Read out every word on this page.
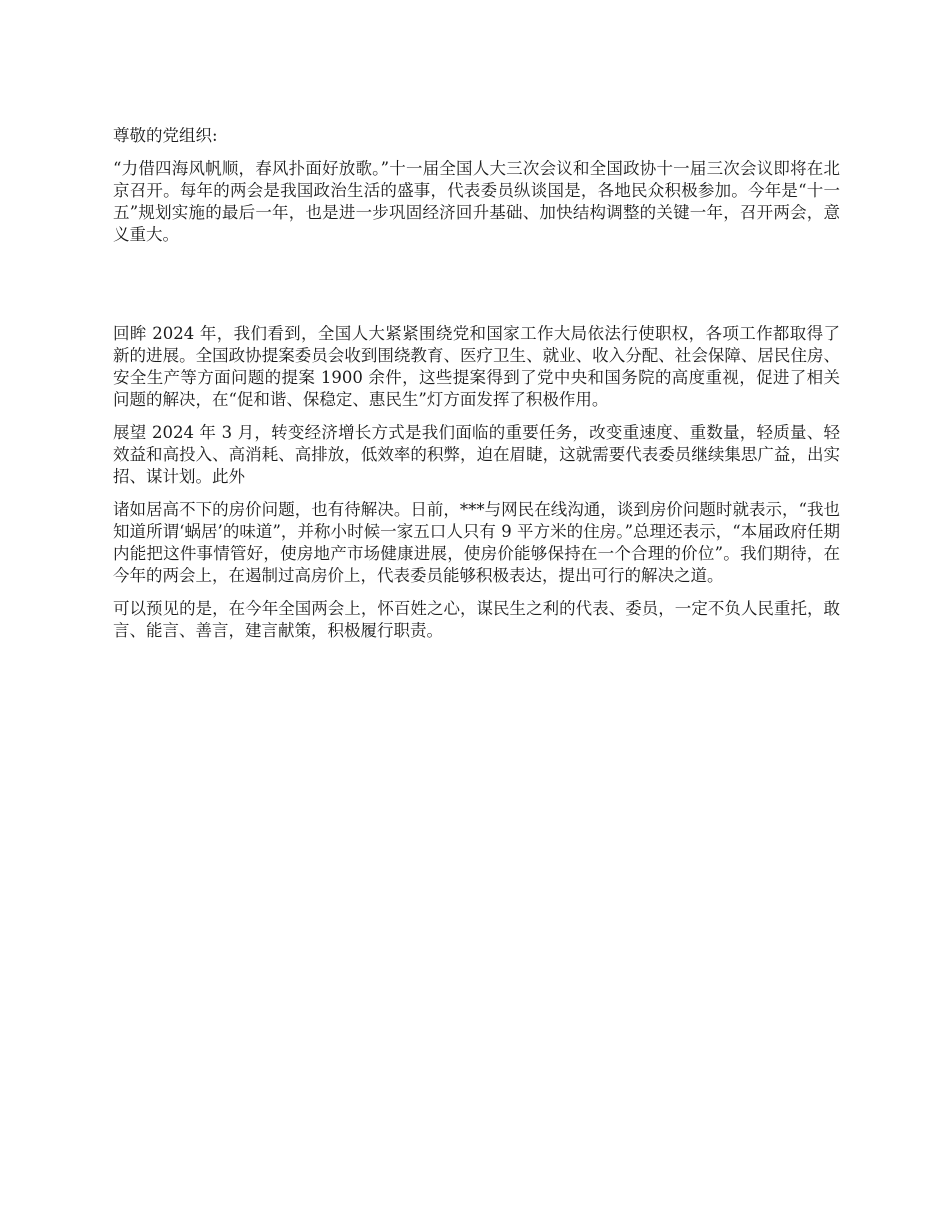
尊敬的党组织:

“力借四海风帆顺，春风扑面好放歌。”十一届全国人大三次会议和全国政协十一届三次会议即将在北京召开。每年的两会是我国政治生活的盛事，代表委员纵谈国是，各地民众积极参加。今年是“十一五”规划实施的最后一年，也是进一步巩固经济回升基础、加快结构调整的关键一年，召开两会，意义重大。

回眸 2024 年，我们看到，全国人大紧紧围绕党和国家工作大局依法行使职权，各项工作都取得了新的进展。全国政协提案委员会收到围绕教育、医疗卫生、就业、收入分配、社会保障、居民住房、安全生产等方面问题的提案 1900 余件，这些提案得到了党中央和国务院的高度重视，促进了相关问题的解决，在“促和谐、保稳定、惠民生”灯方面发挥了积极作用。

展望 2024 年 3 月，转变经济增长方式是我们面临的重要任务，改变重速度、重数量，轻质量、轻效益和高投入、高消耗、高排放，低效率的积弊，迫在眉睫，这就需要代表委员继续集思广益，出实招、谋计划。此外

诸如居高不下的房价问题，也有待解决。日前，***与网民在线沟通，谈到房价问题时就表示，“我也知道所谓‘蜗居’的味道”，并称小时候一家五口人只有 9 平方米的住房。”总理还表示，“本届政府任期内能把这件事情管好，使房地产市场健康进展，使房价能够保持在一个合理的价位”。我们期待，在今年的两会上，在遏制过高房价上，代表委员能够积极表达，提出可行的解决之道。

可以预见的是，在今年全国两会上，怀百姓之心，谋民生之利的代表、委员，一定不负人民重托，敢言、能言、善言，建言献策，积极履行职责。
